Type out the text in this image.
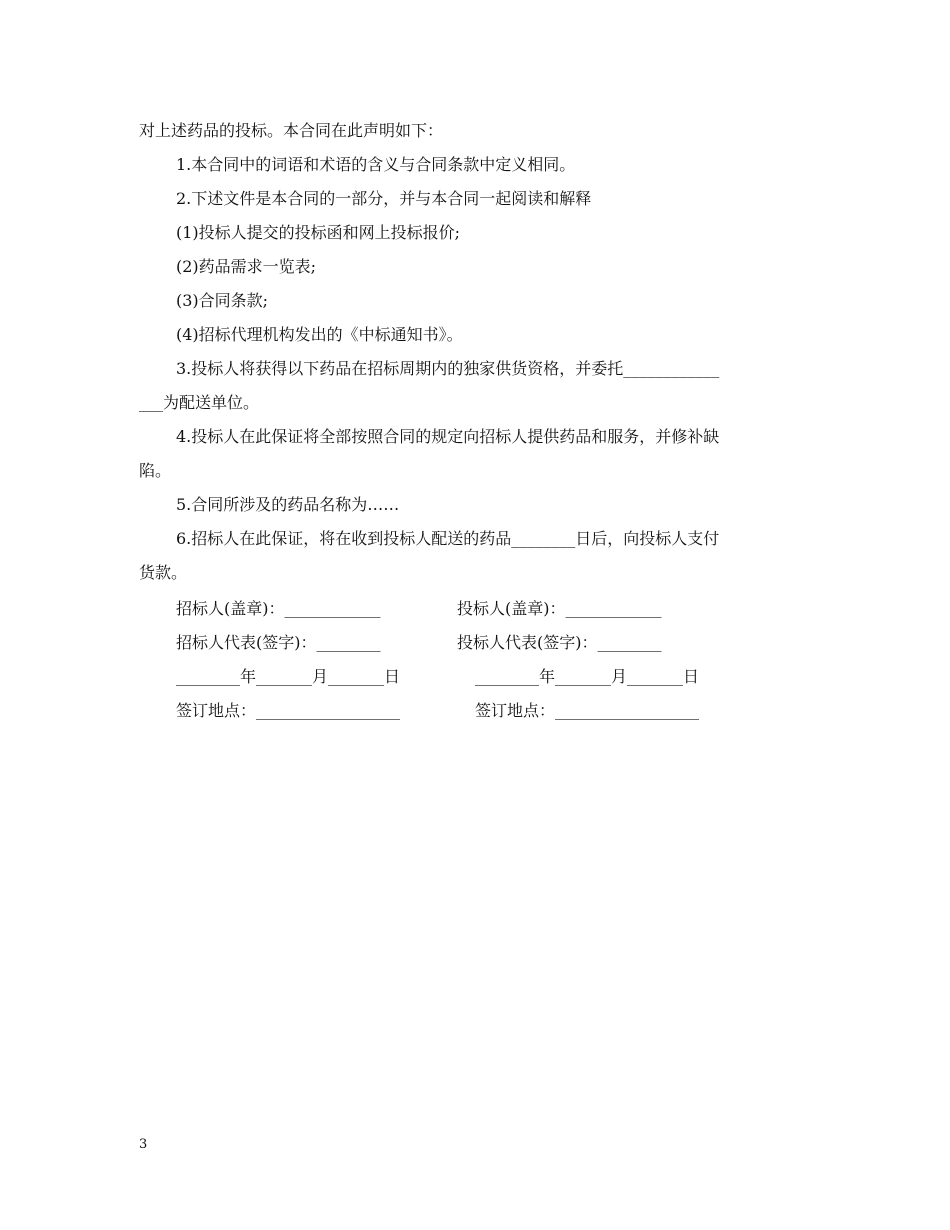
对上述药品的投标。本合同在此声明如下：
1.本合同中的词语和术语的含义与合同条款中定义相同。
2.下述文件是本合同的一部分，并与本合同一起阅读和解释
(1)投标人提交的投标函和网上投标报价;
(2)药品需求一览表;
(3)合同条款;
(4)招标代理机构发出的《中标通知书》。
3.投标人将获得以下药品在招标周期内的独家供货资格，并委托____________
___为配送单位。
4.投标人在此保证将全部按照合同的规定向招标人提供药品和服务，并修补缺
陷。
5.合同所涉及的药品名称为……
6.招标人在此保证，将在收到投标人配送的药品________日后，向投标人支付
货款。
招标人(盖章)：____________	投标人(盖章)：____________
招标人代表(签字)：________	投标人代表(签字)：________
________年_______月_______日	________年_______月_______日
签订地点：__________________	签订地点：__________________
3
